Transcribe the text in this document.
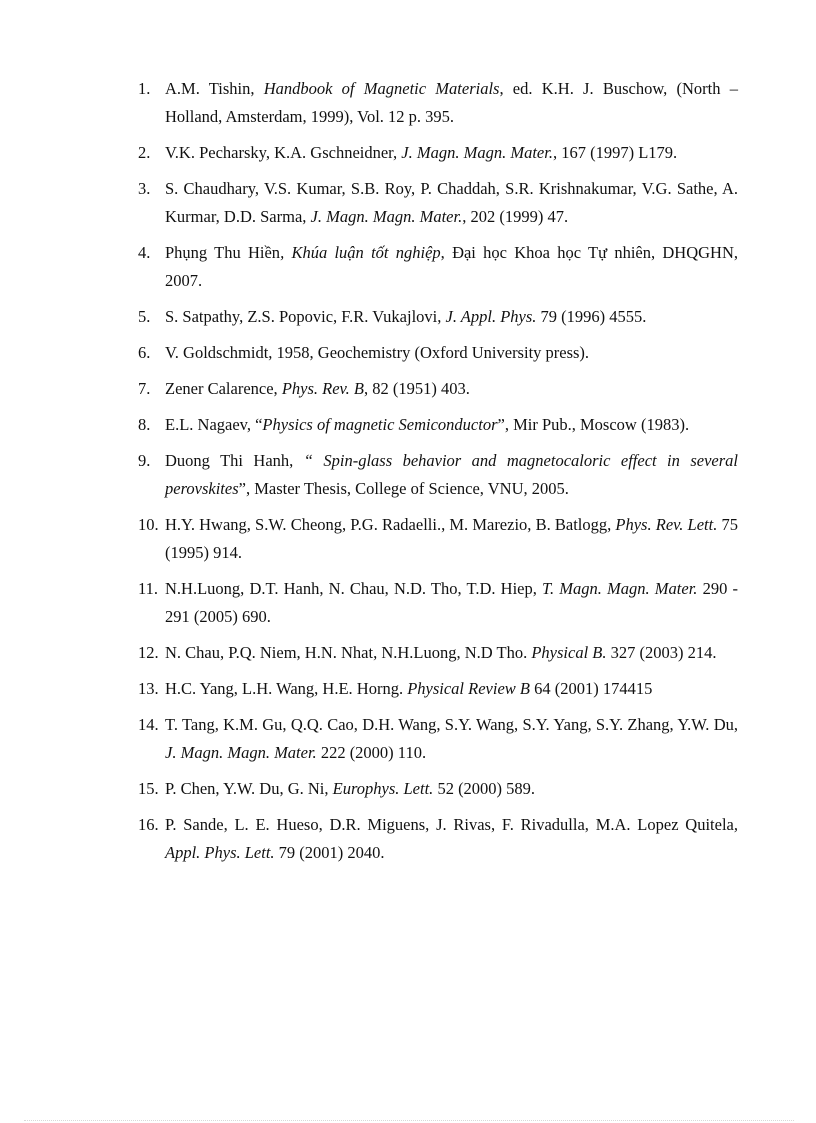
1. A.M. Tishin, Handbook of Magnetic Materials, ed. K.H. J. Buschow, (North – Holland, Amsterdam, 1999), Vol. 12 p. 395.
2. V.K. Pecharsky, K.A. Gschneidner, J. Magn. Magn. Mater., 167 (1997) L179.
3. S. Chaudhary, V.S. Kumar, S.B. Roy, P. Chaddah, S.R. Krishnakumar, V.G. Sathe, A. Kurmar, D.D. Sarma, J. Magn. Magn. Mater., 202 (1999) 47.
4. Phụng Thu Hiền, Khúa luận tốt nghiệp, Đại học Khoa học Tự nhiên, DHQGHN, 2007.
5. S. Satpathy, Z.S. Popovic, F.R. Vukajlovi, J. Appl. Phys. 79 (1996) 4555.
6. V. Goldschmidt, 1958, Geochemistry (Oxford University press).
7. Zener Calarence, Phys. Rev. B, 82 (1951) 403.
8. E.L. Nagaev, “Physics of magnetic Semiconductor”, Mir Pub., Moscow (1983).
9. Duong Thi Hanh, “ Spin-glass behavior and magnetocaloric effect in several perovskites”, Master Thesis, College of Science, VNU, 2005.
10. H.Y. Hwang, S.W. Cheong, P.G. Radaelli., M. Marezio, B. Batlogg, Phys. Rev. Lett. 75 (1995) 914.
11. N.H.Luong, D.T. Hanh, N. Chau, N.D. Tho, T.D. Hiep, T. Magn. Magn. Mater. 290 - 291 (2005) 690.
12. N. Chau, P.Q. Niem, H.N. Nhat, N.H.Luong, N.D Tho. Physical B. 327 (2003) 214.
13. H.C. Yang, L.H. Wang, H.E. Horng. Physical Review B 64 (2001) 174415
14. T. Tang, K.M. Gu, Q.Q. Cao, D.H. Wang, S.Y. Wang, S.Y. Yang, S.Y. Zhang, Y.W. Du, J. Magn. Magn. Mater. 222 (2000) 110.
15. P. Chen, Y.W. Du, G. Ni, Europhys. Lett. 52 (2000) 589.
16. P. Sande, L. E. Hueso, D.R. Miguens, J. Rivas, F. Rivadulla, M.A. Lopez Quitela, Appl. Phys. Lett. 79 (2001) 2040.
